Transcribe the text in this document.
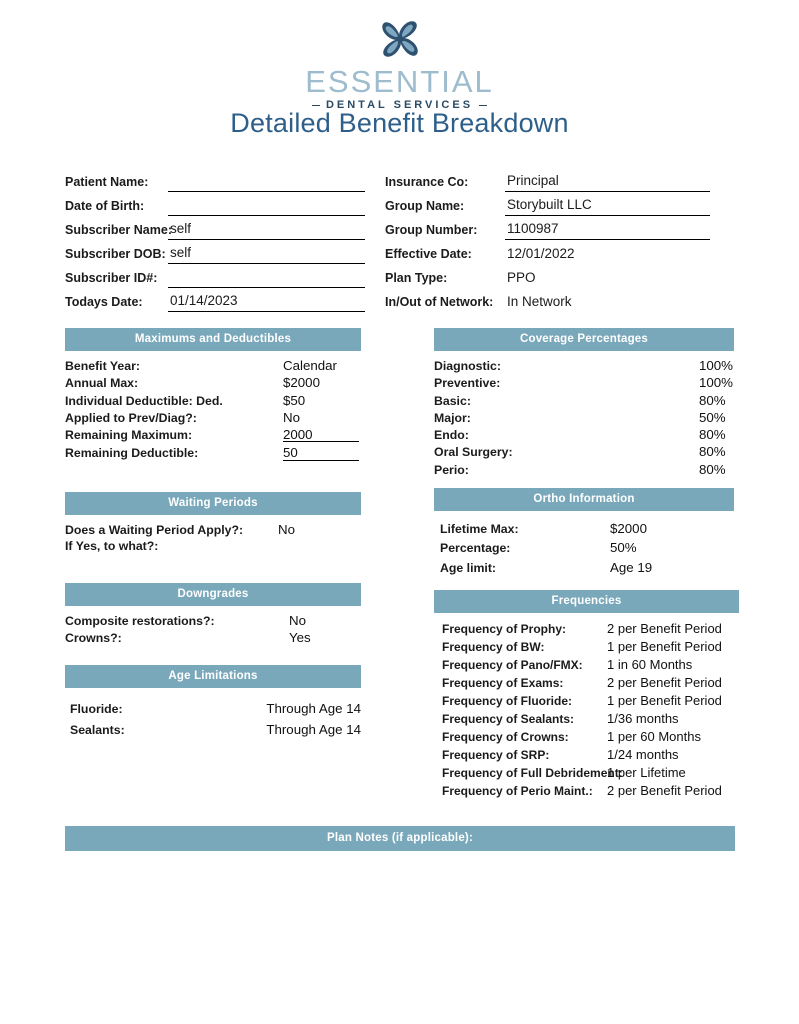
ESSENTIAL
DENTAL SERVICES
Detailed Benefit Breakdown
Patient Name:
Date of Birth:
Subscriber Name:
self
Subscriber DOB: self
Subscriber ID#:
Todays Date:	01/14/2023
Insurance Co:	Principal
Group Name:	Storybuilt LLC
Group Number:	1100987
Effective Date:	12/01/2022
Plan Type:	PPO
In/Out of Network:	In Network
Maximums and Deductibles
Benefit Year:	Calendar
Annual Max:	$2000
Individual Deductible: Ded.	$50
Applied to Prev/Diag?:	No
Remaining Maximum:	2000
Remaining Deductible:	50
Coverage Percentages
Diagnostic:	100%
Preventive:	100%
Basic:	80%
Major:	50%
Endo:	80%
Oral Surgery:	80%
Perio:	80%
Waiting Periods
Does a Waiting Period Apply?:	No
If Yes, to what?:
Ortho Information
Lifetime Max:	$2000
Percentage:	50%
Age limit:	Age 19
Downgrades
Composite restorations?:	No
Crowns?:	Yes
Frequencies
Frequency of Prophy:	2 per Benefit Period
Frequency of BW:	1 per Benefit Period
Frequency of Pano/FMX:	1 in 60 Months
Frequency of Exams:	2 per Benefit Period
Frequency of Fluoride:	1 per Benefit Period
Frequency of Sealants:	1/36 months
Frequency of Crowns:	1 per 60 Months
Frequency of SRP:	1/24 months
Frequency of Full Debridement:
1 per Lifetime
Frequency of Perio Maint.:	2 per Benefit Period
Age Limitations
Fluoride:	Through Age 14
Sealants:	Through Age 14
Plan Notes (if applicable):
